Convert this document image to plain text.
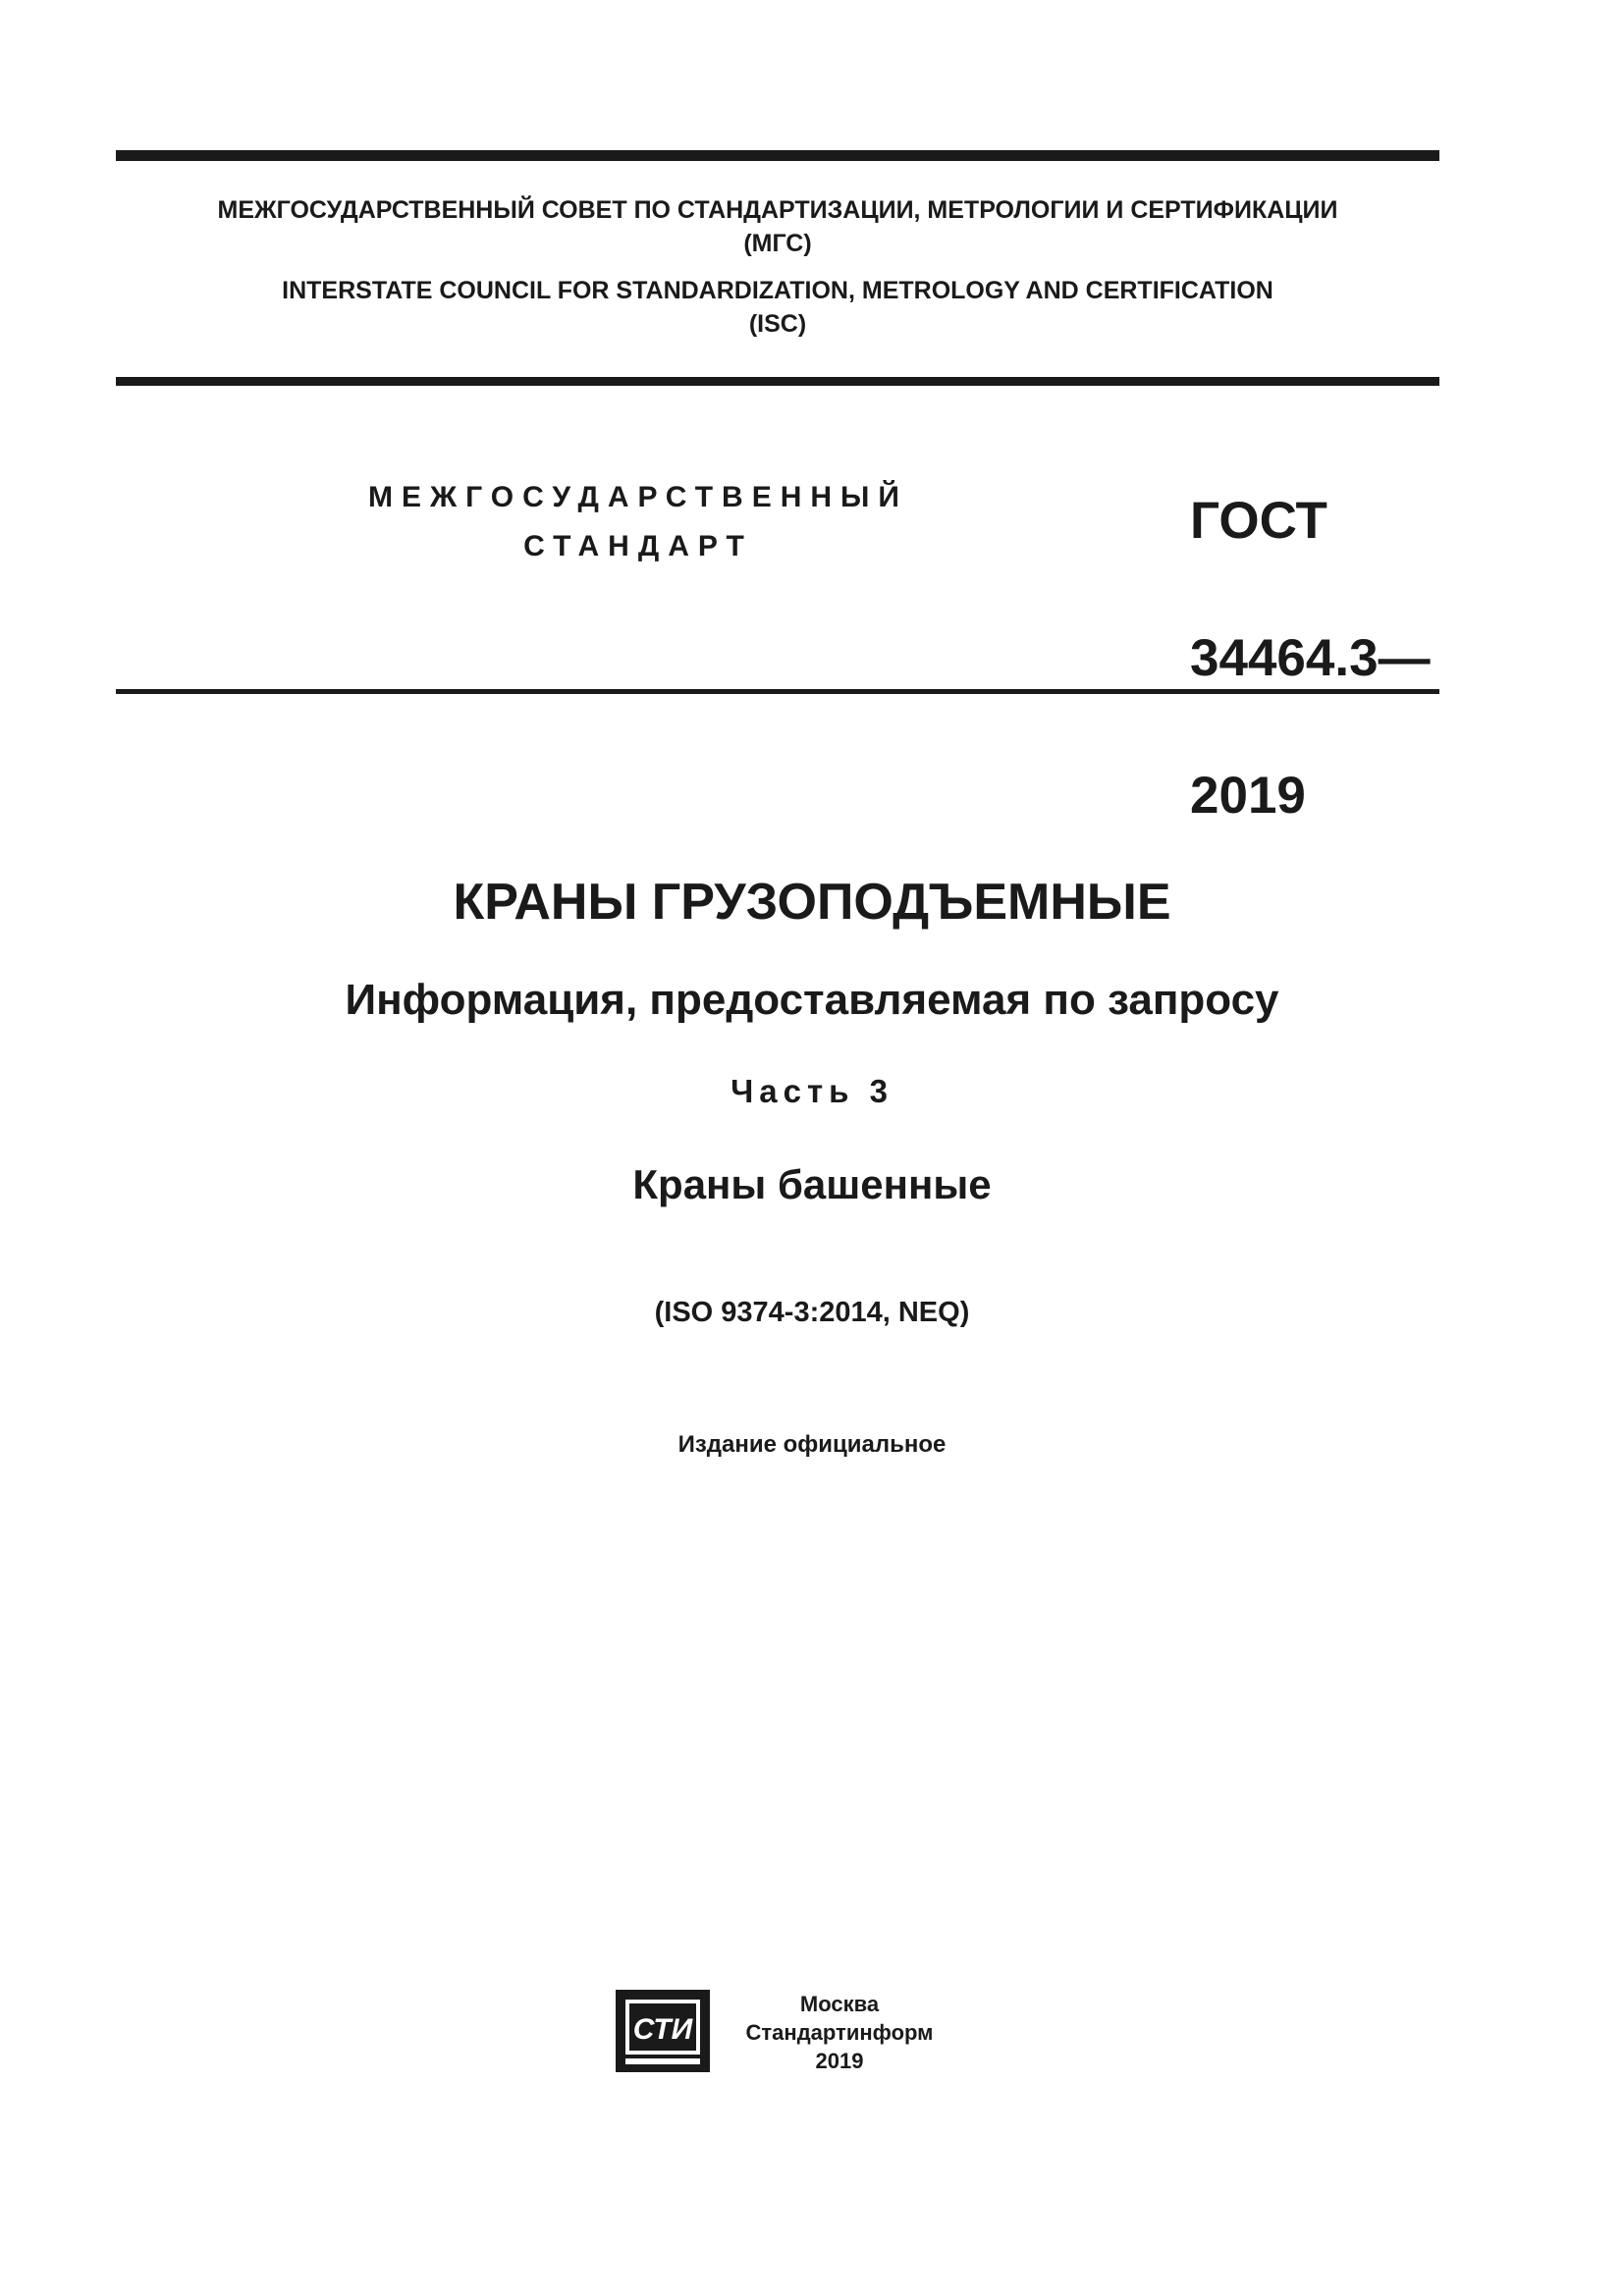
МЕЖГОСУДАРСТВЕННЫЙ СОВЕТ ПО СТАНДАРТИЗАЦИИ, МЕТРОЛОГИИ И СЕРТИФИКАЦИИ
(МГС)
INTERSTATE COUNCIL FOR STANDARDIZATION, METROLOGY AND CERTIFICATION
(ISC)
МЕЖГОСУДАРСТВЕННЫЙ
СТАНДАРТ	ГОСТ

34464.3—

2019

КРАНЫ ГРУЗОПОДЪЕМНЫЕ
Информация, предоставляемая по запросу
Часть 3
Краны башенные
(ISO 9374-3:2014, NEQ)
Издание официальное
СТИ
Москва
Стандартинформ
2019
